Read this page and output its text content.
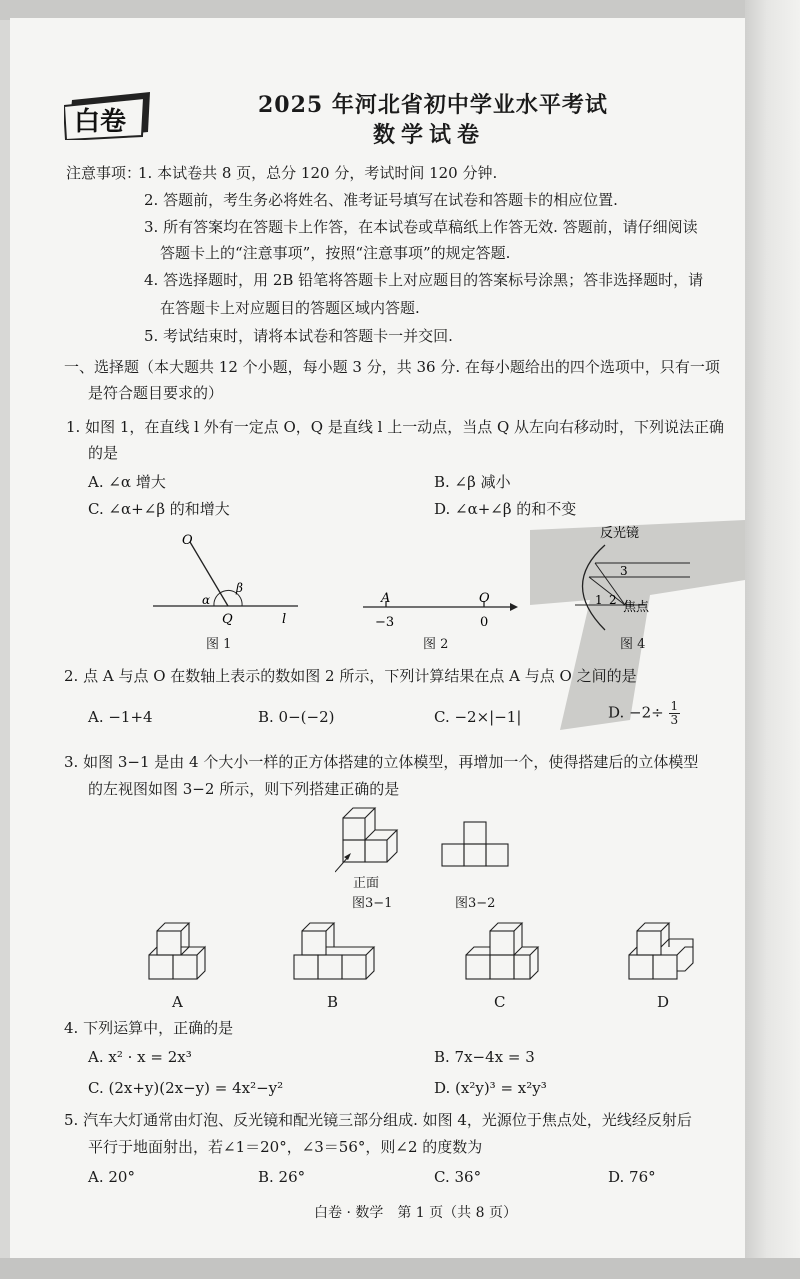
白卷
2025 年河北省初中学业水平考试
数学试卷
注意事项：
1. 本试卷共 8 页，总分 120 分，考试时间 120 分钟.
2. 答题前，考生务必将姓名、准考证号填写在试卷和答题卡的相应位置.
3. 所有答案均在答题卡上作答，在本试卷或草稿纸上作答无效. 答题前，请仔细阅读
答题卡上的“注意事项”，按照“注意事项”的规定答题.
4. 答选择题时，用 2B 铅笔将答题卡上对应题目的答案标号涂黑；答非选择题时，请
在答题卡上对应题目的答题区域内答题.
5. 考试结束时，请将本试卷和答题卡一并交回.
一、选择题（本大题共 12 个小题，每小题 3 分，共 36 分. 在每小题给出的四个选项中，只有一项
是符合题目要求的）
1. 如图 1，在直线 l 外有一定点 O，Q 是直线 l 上一动点，当点 Q 从左向右移动时，下列说法正确
的是
A. ∠α 增大	B. ∠β 减小
C. ∠α+∠β 的和增大	D. ∠α+∠β 的和不变
O
α
β
Q	l
图 1
A	O
−3	0
图 2
反光镜
3
1 2 焦点
图 4
2. 点 A 与点 O 在数轴上表示的数如图 2 所示，下列计算结果在点 A 与点 O 之间的是
A. −1+4	B. 0−(−2)	C. −2×|−1|	D. $-2\div \frac{1}{3}$
3. 如图 3−1 是由 4 个大小一样的正方体搭建的立体模型，再增加一个，使得搭建后的立体模型
的左视图如图 3−2 所示，则下列搭建正确的是
正面
图3−1	图3−2
A	B	C	D
4. 下列运算中，正确的是
A. x² · x = 2x³	B. 7x−4x = 3
C. (2x+y)(2x−y) = 4x²−y²	D. (x²y)³ = x²y³
5. 汽车大灯通常由灯泡、反光镜和配光镜三部分组成. 如图 4，光源位于焦点处，光线经反射后
平行于地面射出，若∠1＝20°，∠3＝56°，则∠2 的度数为
A. 20°	B. 26°	C. 36°	D. 76°
白卷 · 数学　第 1 页（共 8 页）
